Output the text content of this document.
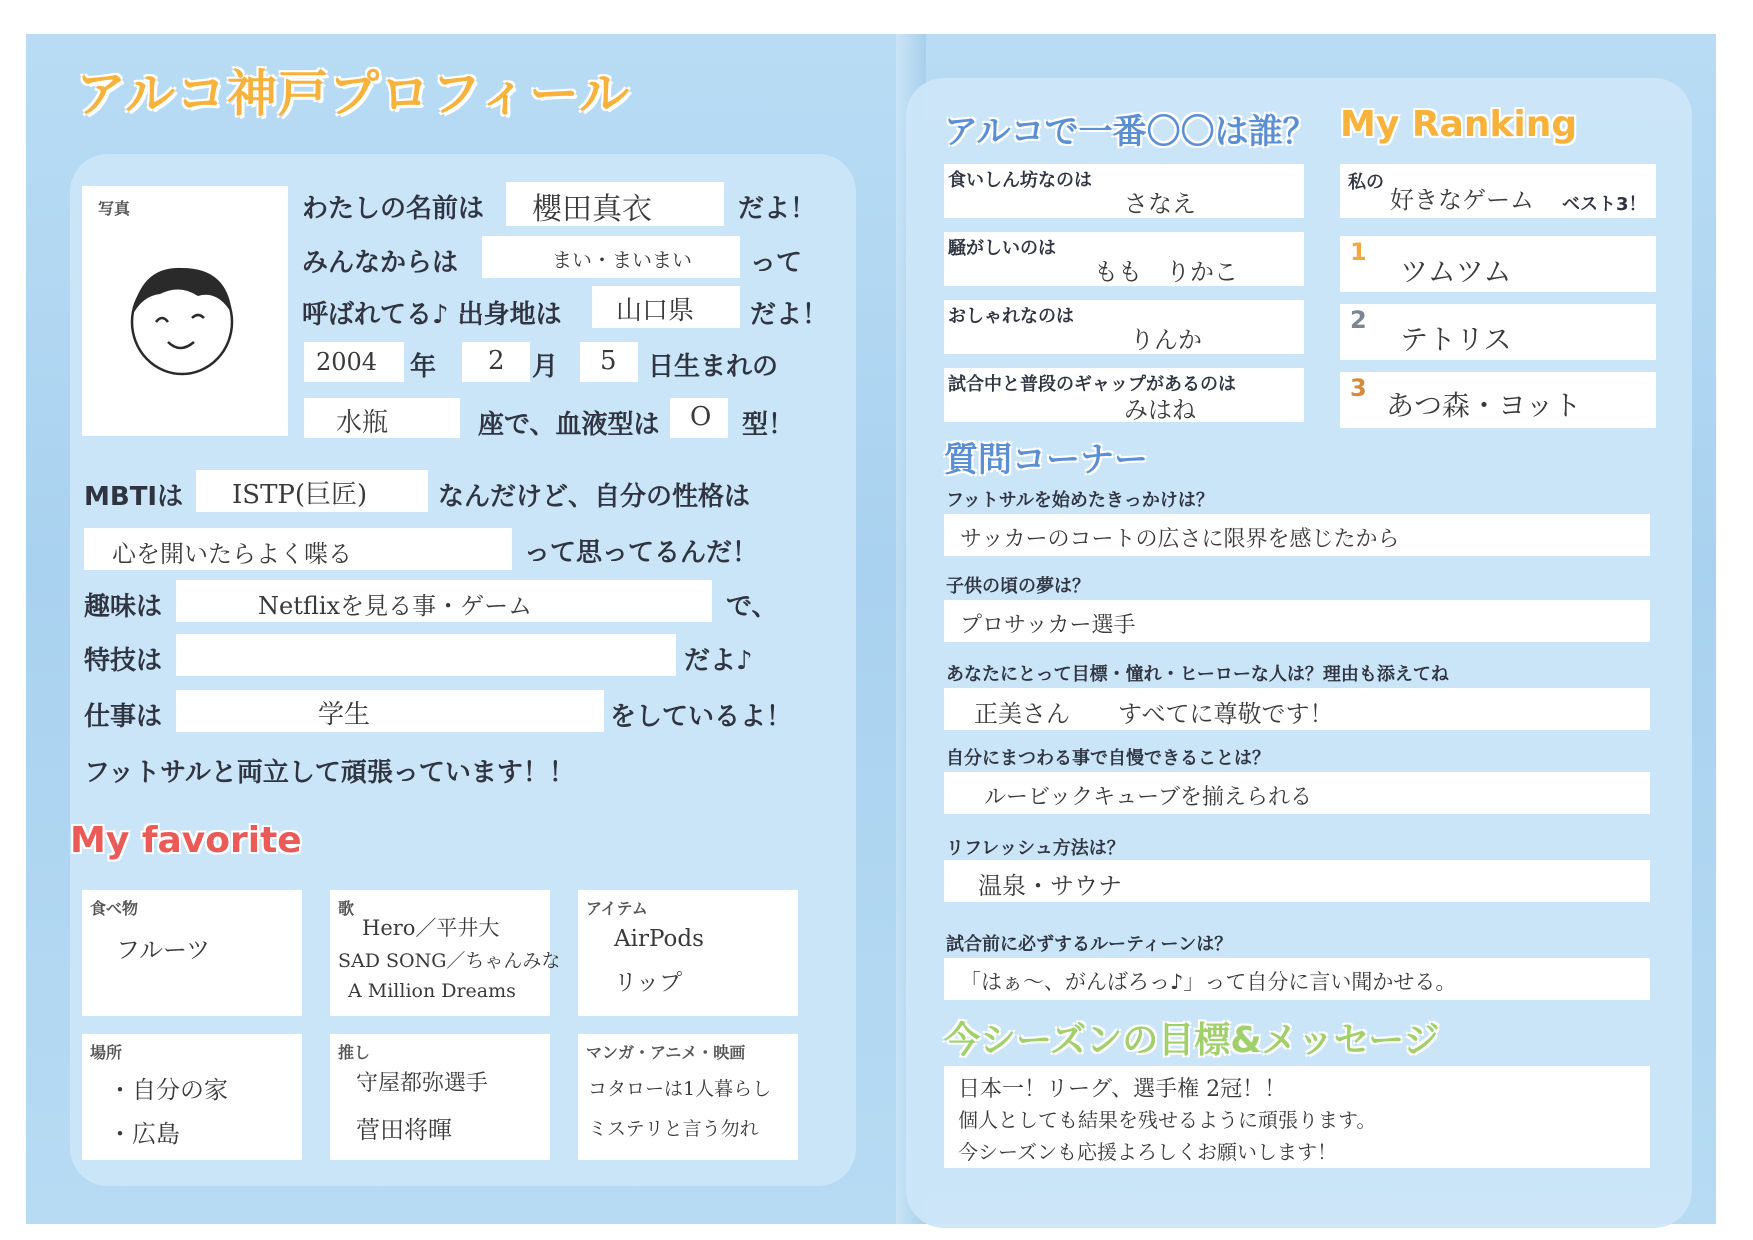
アルコ神戸プロフィール
写真	わたしの名前は 櫻田真衣	だよ！
みんなからは	まい・まいまい って
呼ばれてる♪ 出身地は 山口県 だよ！
2004 年 2 月 5 日生まれの
水瓶	座で、血液型は O 型！
MBTIは ISTP(巨匠)	なんだけど、自分の性格は
心を開いたらよく喋る	って思ってるんだ！
趣味は	Netflixを見る事・ゲーム	で、
特技は	だよ♪
仕事は	学生	をしているよ！
フットサルと両立して頑張っています！！
My favorite
食べ物
フルーツ
歌
Hero／平井大
SAD SONG／ちゃんみな
A Million Dreams
アイテム
AirPods
リップ
場所
・自分の家
・広島
推し
守屋都弥選手
菅田将暉
マンガ・アニメ・映画
コタローは1人暮らし
ミステリと言う勿れ
アルコで一番〇〇は誰？ My Ranking
食いしん坊なのは
さなえ
騒がしいのは
もも　りかこ
おしゃれなのは
りんか
試合中と普段のギャップがあるのは
みはね
私の
好きなゲーム ベスト3！
1
ツムツム
2
テトリス
3
あつ森・ヨット
質問コーナー
フットサルを始めたきっかけは？
サッカーのコートの広さに限界を感じたから
子供の頃の夢は？
プロサッカー選手
あなたにとって目標・憧れ・ヒーローな人は？理由も添えてね
正美さん　　すべてに尊敬です！
自分にまつわる事で自慢できることは？
ルービックキューブを揃えられる
リフレッシュ方法は？
温泉・サウナ
試合前に必ずするルーティーンは？
「はぁ〜、がんばろっ♪」って自分に言い聞かせる。
今シーズンの目標&メッセージ
日本一！リーグ、選手権 2冠！！
個人としても結果を残せるように頑張ります。
今シーズンも応援よろしくお願いします！
